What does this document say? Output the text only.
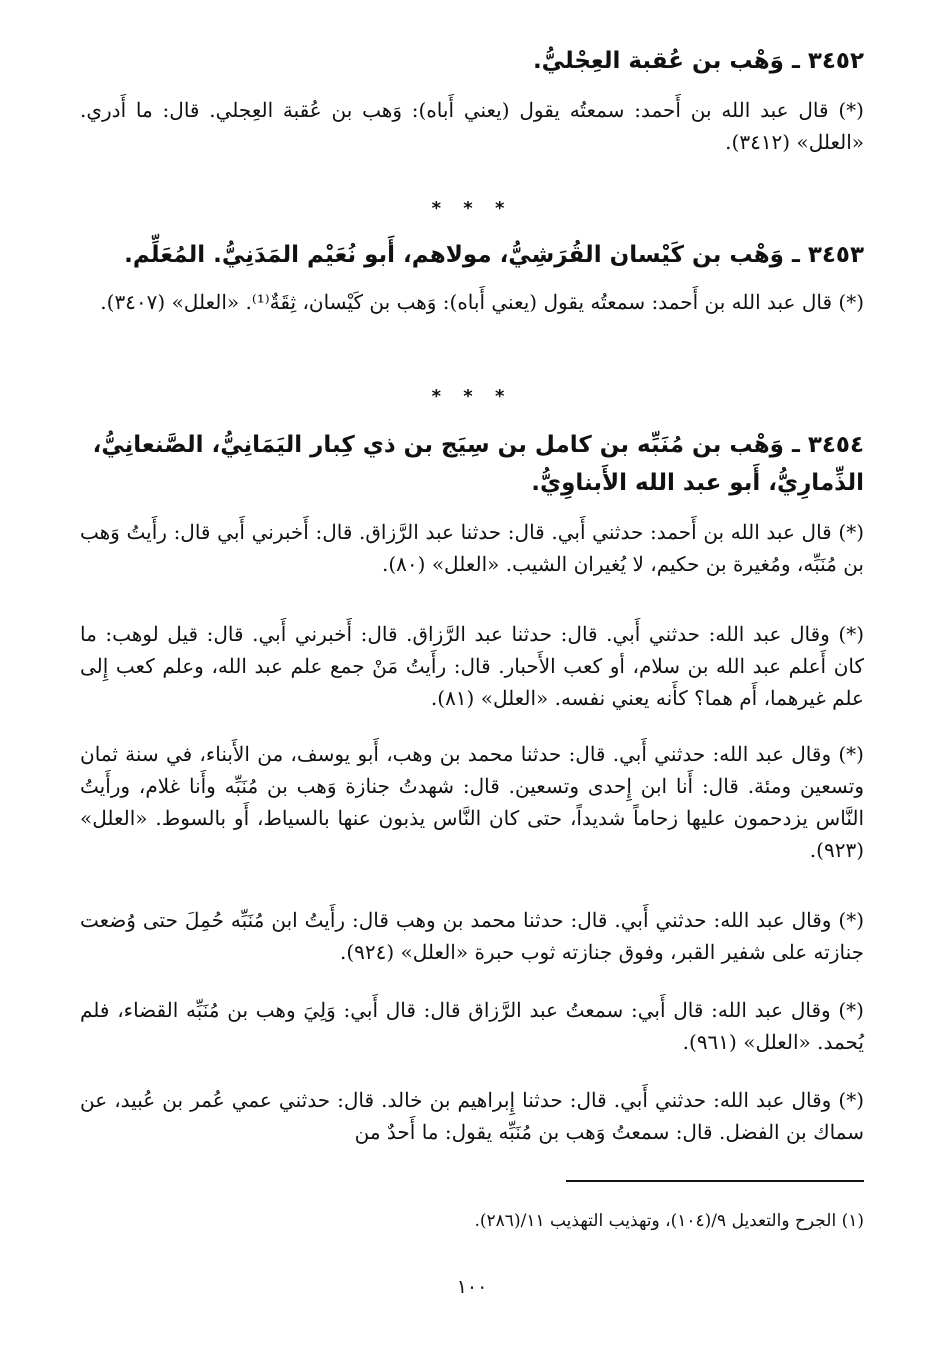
٣٤٥٢ ـ وَهْب بن عُقبة العِجْليُّ.

(*) قال عبد الله بن أَحمد: سمعتُه يقول (يعني أَباه): وَهب بن عُقبة العِجلي. قال: ما أَدري. «العلل» (٣٤١٢).

* * *
٣٤٥٣ ـ وَهْب بن كَيْسان القُرَشِيُّ، مولاهم، أَبو نُعَيْم المَدَنِيُّ. المُعَلِّم.

(*) قال عبد الله بن أَحمد: سمعتُه يقول (يعني أَباه): وَهب بن كَيْسان، ثِقَةٌ⁽¹⁾. «العلل» (٣٤٠٧).

* * *
٣٤٥٤ ـ وَهْب بن مُنَبِّه بن كامل بن سِيَج بن ذي كِبار اليَمَانِيُّ، الصَّنعانِيُّ، الذِّمارِيُّ، أَبو عبد الله الأَبناوِيُّ.

(*) قال عبد الله بن أَحمد: حدثني أَبي. قال: حدثنا عبد الرَّزاق. قال: أَخبرني أَبي قال: رأَيتُ وَهب بن مُنَبِّه، ومُغيرة بن حكيم، لا يُغيران الشيب. «العلل» (٨٠).

(*) وقال عبد الله: حدثني أَبي. قال: حدثنا عبد الرَّزاق. قال: أَخبرني أَبي. قال: قيل لوهب: ما كان أَعلم عبد الله بن سلام، أو كعب الأَحبار. قال: رأَيتُ مَنْ جمع علم عبد الله، وعلم كعب إِلى علم غيرهما، أَم هما؟ كأَنه يعني نفسه. «العلل» (٨١).

(*) وقال عبد الله: حدثني أَبي. قال: حدثنا محمد بن وهب، أَبو يوسف، من الأَبناء، في سنة ثمان وتسعين ومئة. قال: أَنا ابن إِحدى وتسعين. قال: شهدتُ جنازة وَهب بن مُنَبِّه وأَنا غلام، ورأَيتُ النَّاس يزدحمون عليها زحاماً شديداً، حتى كان النَّاس يذبون عنها بالسياط، أَو بالسوط. «العلل» (٩٢٣).

(*) وقال عبد الله: حدثني أَبي. قال: حدثنا محمد بن وهب قال: رأَيتُ ابن مُنَبِّه حُمِلَ حتى وُضعت جنازته على شفير القبر، وفوق جنازته ثوب حبرة «العلل» (٩٢٤).

(*) وقال عبد الله: قال أَبي: سمعتُ عبد الرَّزاق قال: قال أَبي: وَلِيَ وهب بن مُنَبِّه القضاء، فلم يُحمد. «العلل» (٩٦١).

(*) وقال عبد الله: حدثني أَبي. قال: حدثنا إِبراهيم بن خالد. قال: حدثني عمي عُمر بن عُبيد، عن سماك بن الفضل. قال: سمعتُ وَهب بن مُنَبِّه يقول: ما أَحدٌ من

(١) الجرح والتعديل ٩/(١٠٤)، وتهذيب التهذيب ١١/(٢٨٦).
١٠٠
